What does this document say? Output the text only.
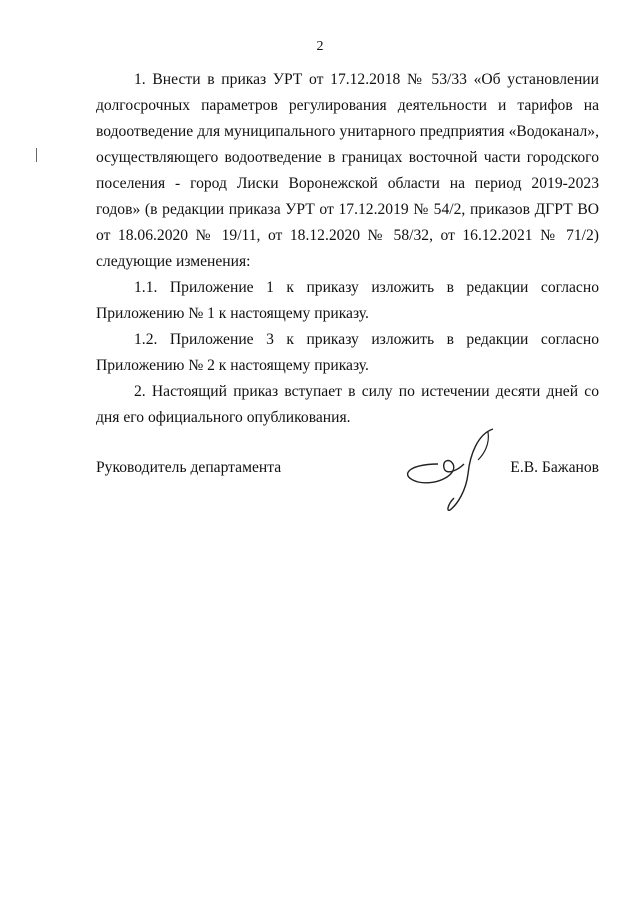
2

1. Внести в приказ УРТ от 17.12.2018 № 53/33 «Об установлении долгосрочных параметров регулирования деятельности и тарифов на водоотведение для муниципального унитарного предприятия «Водоканал», осуществляющего водоотведение в границах восточной части городского поселения - город Лиски Воронежской области на период 2019-2023 годов» (в редакции приказа УРТ от 17.12.2019 № 54/2, приказов ДГРТ ВО от 18.06.2020 № 19/11, от 18.12.2020 № 58/32, от 16.12.2021 № 71/2) следующие изменения:

1.1. Приложение 1 к приказу изложить в редакции согласно Приложению № 1 к настоящему приказу.

1.2. Приложение 3 к приказу изложить в редакции согласно Приложению № 2 к настоящему приказу.

2. Настоящий приказ вступает в силу по истечении десяти дней со дня его официального опубликования.

Руководитель департамента	Е.В. Бажанов
